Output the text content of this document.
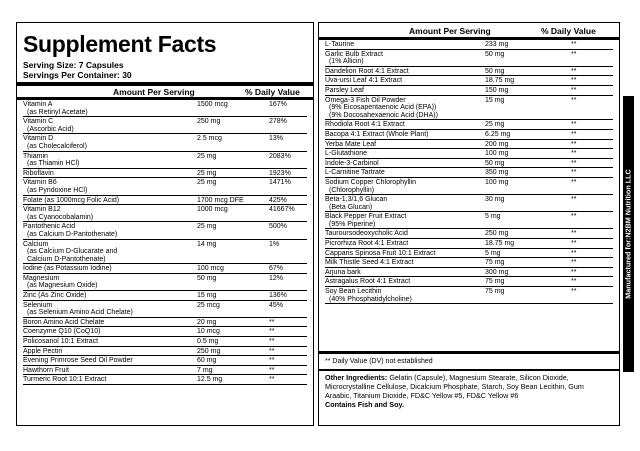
Supplement Facts
Serving Size: 7 Capsules
Servings Per Container: 30
Amount Per Serving	% Daily Value
Vitamin A
(as Retinyl Acetate)
1500 mcg	167%
Vitamin C
(Ascorbic Acid)
250 mg	278%
Vitamin D
(as Cholecalciferol)
2.5 mcg	13%
Thiamin
(as Thiamin HCl)
25 mg	2083%
Riboflavin	25 mg	1923%
Vitamin B6
(as Pyridoxine HCl)
25 mg	1471%
Folate (as 1000mcg Folic Acid)	1700 mcg DFE	425%
Vitamin B12
(as Cyanocobalamin)
1000 mcg	41667%
Pantothenic Acid
(as Calcium D-Pantothenate)
25 mg	500%
Calcium
(as Calcium D-Glucarate and
Calcium D-Pantothenate)
14 mg	1%
Iodine (as Potassium Iodine)	100 mcg	67%
Magnesium
(as Magnesium Oxide)
50 mg	12%
Zinc (As Zinc Oxide)	15 mg	136%
Selenium
(as Selenium Amino Acid Chelate)
25 mcg	45%
Boron Amino Acid Chelate	20 mg	**
Coenzyme Q10 (CoQ10)	10 mcg	**
Policosanol 10:1 Extract	0.5 mg	**
Apple Pectin	250 mg	**
Evening Primrose Seed Oil Powder	60 mg	**
Hawthorn Fruit	7 mg	**
Turmeric Root 10:1 Extract	12.5 mg	**
Amount Per Serving	% Daily Value
L-Taurine	233 mg	**
Garlic Bulb Extract
(1% Allicin)
50 mg	**
Dandelion Root 4:1 Extract	50 mg	**
Uva-ursi Leaf 4:1 Extract	18.75 mg	**
Parsley Leaf	150 mg	**
Omega-3 Fish Oil Powder
(9% Eicosapentaenoic Acid (EPA))
(9% Docosahexaenoic Acid (DHA))
15 mg	**
Rhodiola Root 4:1 Extract	25 mg	**
Bacopa 4:1 Extract (Whole Plant)	6.25 mg	**
Yerba Mate Leaf	200 mg	**
L-Glutathione	100 mg	**
Indole-3-Carbinol	50 mg	**
L-Carnitine Tartrate	350 mg	**
Sodium Copper Chlorophyllin
(Chlorophyllin)
100 mg	**
Beta-1,3/1,6 Glucan
(Beta Glucan)
30 mg	**
Black Pepper Fruit Extract
(95% Piperine)
5 mg	**
Tauroursodeoxycholic Acid	250 mg	**
Picrorhiza Root 4:1 Extract	18.75 mg	**
Capparis Spinosa Fruit 10:1 Extract	5 mg	**
Milk Thistle Seed 4:1 Extract	75 mg	**
Arjuna bark	300 mg	**
Astragalus Root 4:1 Extract	75 mg	**
Soy Bean Lecithin
(40% Phosphatidylcholine)
75 mg	**
** Daily Value (DV) not established
Other Ingredients: Gelatin (Capsule), Magnesium Stearate, Silicon Dioxide, Microcrystalline Cellulose, Dicalcium Phosphate, Starch, Soy Bean Lecithin, Gum Araabic, Titanium Dioxide, FD&C Yellow #5, FD&C Yellow #6
Contains Fish and Soy.
Manufactured for:N2BM Nutrition LLC
